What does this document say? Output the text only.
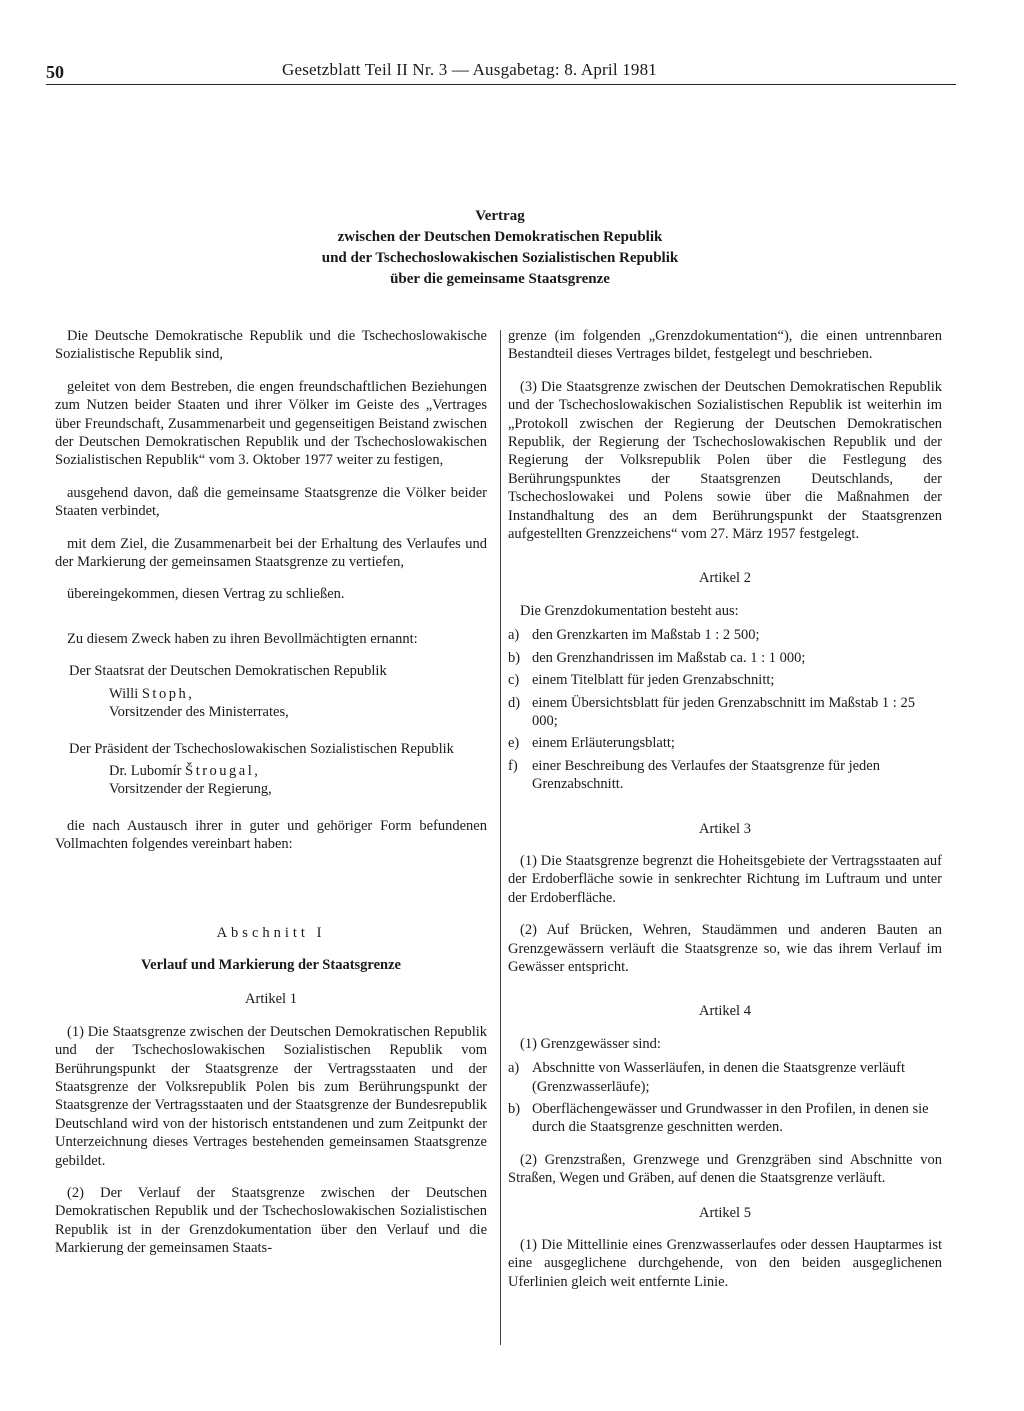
50	Gesetzblatt Teil II Nr. 3 — Ausgabetag: 8. April 1981
Vertrag
zwischen der Deutschen Demokratischen Republik
und der Tschechoslowakischen Sozialistischen Republik
über die gemeinsame Staatsgrenze

Die Deutsche Demokratische Republik und die Tschechoslowakische Sozialistische Republik sind,

geleitet von dem Bestreben, die engen freundschaftlichen Beziehungen zum Nutzen beider Staaten und ihrer Völker im Geiste des „Vertrages über Freundschaft, Zusammenarbeit und gegenseitigen Beistand zwischen der Deutschen Demokratischen Republik und der Tschechoslowakischen Sozialistischen Republik“ vom 3. Oktober 1977 weiter zu festigen,

ausgehend davon, daß die gemeinsame Staatsgrenze die Völker beider Staaten verbindet,

mit dem Ziel, die Zusammenarbeit bei der Erhaltung des Verlaufes und der Markierung der gemeinsamen Staatsgrenze zu vertiefen,

übereingekommen, diesen Vertrag zu schließen.

Zu diesem Zweck haben zu ihren Bevollmächtigten ernannt:

Der Staatsrat der Deutschen Demokratischen Republik
Willi Stoph,
Vorsitzender des Ministerrates,
Der Präsident der Tschechoslowakischen Sozialistischen Republik
Dr. Lubomír Štrougal,
Vorsitzender der Regierung,

die nach Austausch ihrer in guter und gehöriger Form befundenen Vollmachten folgendes vereinbart haben:

Abschnitt I
Verlauf und Markierung der Staatsgrenze
Artikel 1

(1) Die Staatsgrenze zwischen der Deutschen Demokratischen Republik und der Tschechoslowakischen Sozialistischen Republik vom Berührungspunkt der Staatsgrenze der Vertragsstaaten und der Staatsgrenze der Volksrepublik Polen bis zum Berührungspunkt der Staatsgrenze der Vertragsstaaten und der Staatsgrenze der Bundesrepublik Deutschland wird von der historisch entstandenen und zum Zeitpunkt der Unterzeichnung dieses Vertrages bestehenden gemeinsamen Staatsgrenze gebildet.

(2) Der Verlauf der Staatsgrenze zwischen der Deutschen Demokratischen Republik und der Tschechoslowakischen Sozialistischen Republik ist in der Grenzdokumentation über den Verlauf und die Markierung der gemeinsamen Staats-

grenze (im folgenden „Grenzdokumentation“), die einen untrennbaren Bestandteil dieses Vertrages bildet, festgelegt und beschrieben.

(3) Die Staatsgrenze zwischen der Deutschen Demokratischen Republik und der Tschechoslowakischen Sozialistischen Republik ist weiterhin im „Protokoll zwischen der Regierung der Deutschen Demokratischen Republik, der Regierung der Tschechoslowakischen Republik und der Regierung der Volksrepublik Polen über die Festlegung des Berührungspunktes der Staatsgrenzen Deutschlands, der Tschechoslowakei und Polens sowie über die Maßnahmen der Instandhaltung des an dem Berührungspunkt der Staatsgrenzen aufgestellten Grenzzeichens“ vom 27. März 1957 festgelegt.

Artikel 2

Die Grenzdokumentation besteht aus:

a) den Grenzkarten im Maßstab 1 : 2 500;
b) den Grenzhandrissen im Maßstab ca. 1 : 1 000;
c) einem Titelblatt für jeden Grenzabschnitt;
d) einem Übersichtsblatt für jeden Grenzabschnitt im Maßstab 1 : 25 000;
e) einem Erläuterungsblatt;
f) einer Beschreibung des Verlaufes der Staatsgrenze für jeden Grenzabschnitt.
Artikel 3

(1) Die Staatsgrenze begrenzt die Hoheitsgebiete der Vertragsstaaten auf der Erdoberfläche sowie in senkrechter Richtung im Luftraum und unter der Erdoberfläche.

(2) Auf Brücken, Wehren, Staudämmen und anderen Bauten an Grenzgewässern verläuft die Staatsgrenze so, wie das ihrem Verlauf im Gewässer entspricht.

Artikel 4

(1) Grenzgewässer sind:

a) Abschnitte von Wasserläufen, in denen die Staatsgrenze verläuft (Grenzwasserläufe);
b) Oberflächengewässer und Grundwasser in den Profilen, in denen sie durch die Staatsgrenze geschnitten werden.

(2) Grenzstraßen, Grenzwege und Grenzgräben sind Abschnitte von Straßen, Wegen und Gräben, auf denen die Staatsgrenze verläuft.

Artikel 5

(1) Die Mittellinie eines Grenzwasserlaufes oder dessen Hauptarmes ist eine ausgeglichene durchgehende, von den beiden ausgeglichenen Uferlinien gleich weit entfernte Linie.
